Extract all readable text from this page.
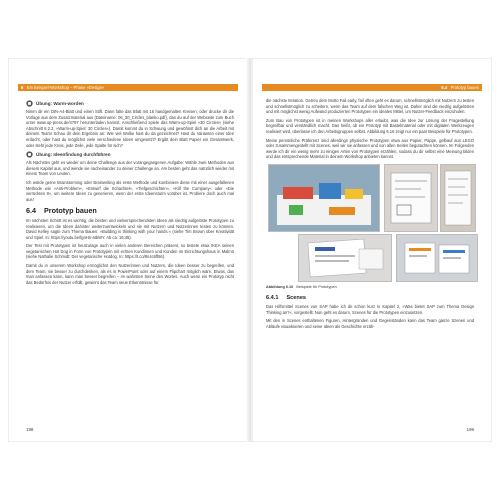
6 Ein Beispiel-Workshop – Phase »Design«
Übung: Warm-worden

Nimm dir ein DIN-A4-Blatt und einen Stift. Dann falte das Blatt mit 16 handgemalten Kreisen, oder drucke dir die Vorlage aus dem Zusatzmaterial aus (Dateiname: 06_30_Circles_blanko.pdf), das du auf der Webseite zum Buch unter www.up-press.de/4797 herunterladen kannst. Anschließend spiele das Warm-up-Spiel »30 Circles« (siehe Abschnitt 6.2.2, »Warm-up-Spiel: 30 Circles«). Damit kommt du in Schwung und gewöhnst dich an die Arbeit mit deinem Team! Schau dir dein Ergebnis an: Wie viel Wolke hast du da gezeichnet? Hast du Varianten einer Idee erdacht, oder hast du möglichst viele verschiedene Ideen umgesetzt? Ergibt dein Blatt Papier ein Gesamtwerk, oder steht jede Kreis, jede Zeile, jede Spalte für sich?

Übung: Ideenfindung durchführen

Als Nächstes geht es wieder um deine Challenge aus der vorangegangenen Aufgabe: Wähle zwei Methoden aus diesem Kapitel aus, und wende sie nacheinander zu deiner Challenge an. Am besten geht das natürlich wieder mit einem Team von Leuten.

Ich würde gerne Brainstorming oder Brainwriting als erste Methode und kombiniere diese mit einer ausgefallenen Methode wie »Anti-Problem«, »Entwirf die Schachtel«, »Tiefgeschichten«, »Kill the Company« oder »Die verrückten 8«, um weitere Ideen zu generieren, wenn der erste Ideensturm vorüber ist. Probiere doch auch mal aus!

6.4 Prototyp bauen

Im nächsten Schritt ist es wichtig, die besten und vielversprechendsten Ideen als niedrig aufgelöste Prototypen zu realisieren, um die Ideen dahinter weiterzuentwickeln und sie mit Nutzern und Nutzerinnen testen zu können. David Kelley sagte zum Thema Bauen: »Building is thinking with your hands.« (siehe Tim Brown über Kreativität und Spiel. In: https://youtu.be/fgnHn-aIbWY. Ab ca. 16:45).

Der Test mit Prototypen ist heutzutage auch in vielen anderen Bereichen präsent, so testete etwa IKEA seinen vegetarischen Hot Dog in Form von Prototypen mit echten Kundinnen und Kunden im Einrichtungshaus in Malmö (siehe Nathalie Schmidt: Der vegetarische Hotdog. In: https://t.co/8n4c6ff66).

Damit du in unserem Workshop ermöglichst den Nutzerinnen und Nutzern, die Ideen besser zu begreifen, und dem Team, sie besser zu durchdenken, als es in PowerPoint oder auf einem Flipchart möglich wäre. Etwas, das man anfassen kann, kann man besser begreifen – im wahrsten Sinne des Wortes. Auch wenn ein Prototyp nicht das Bedürfnis der Nutzer erfüllt, gewinnt das Team neue Erkenntnisse für

198
6.4 Prototyp bauen

die nächste Iteration. Getreu dem Motto Fail early, fail often geht es darum, schnellstmöglich mit Nutzern zu testen und schnellstmöglich zu scheitern, wenn das Team auf dem falschen Weg ist. Daher sind die niedrig aufgelösten und mit möglichst wenig Aufwand produzierten Prototypen ein ideales Mittel, um Nutzer-Feedback einzuholen.

Zum Bau von Prototypen ist in meinen Workshops aller erlaubt, was die Idee zur Lösung der Fragestellung begreifbar und verständlich macht. Das heißt, ob ein Prototyp mit Bastelmaterial oder mit digitalen Werkzeugen realisiert wird, überlasse ich den Arbeitsgruppen selbst. Abbildung 6.16 zeigt nur ein paar Beispiele für Prototypen.

Meine persönliche Präferenz sind allerdings physische Prototypen etwa aus Papier, Pappe, gelbauf aus LEGO oder zusammengestellt mit Scenes, weil wir sie anfassen und von allen Seiten begutachten können. Im Folgenden werde ich dir ein wenig mehr zu einigen Arten von Prototypen erzählen, sodass du dir selbst eine Meinung bilden und das entsprechende Material in deinem Workshop anbieten kannst.

Abbildung 6.16 Beispiele für Prototypen
6.4.1 Scenes

Das Hilfsmittel Scenes von SAP habe ich dir schon kurz in Kapitel 2, »Was bietet SAP zum Thema Design Thinking an?«, vorgestellt. Nun geht es darum, Scenes für die Prototypen einzusetzen.

Mit den in Scenes enthaltenen Figuren, Hintergründen und Gegenständen kann das Team ganze Szenen und Abläufe visualisieren und seine Ideen als Geschichte erzäh-

199
